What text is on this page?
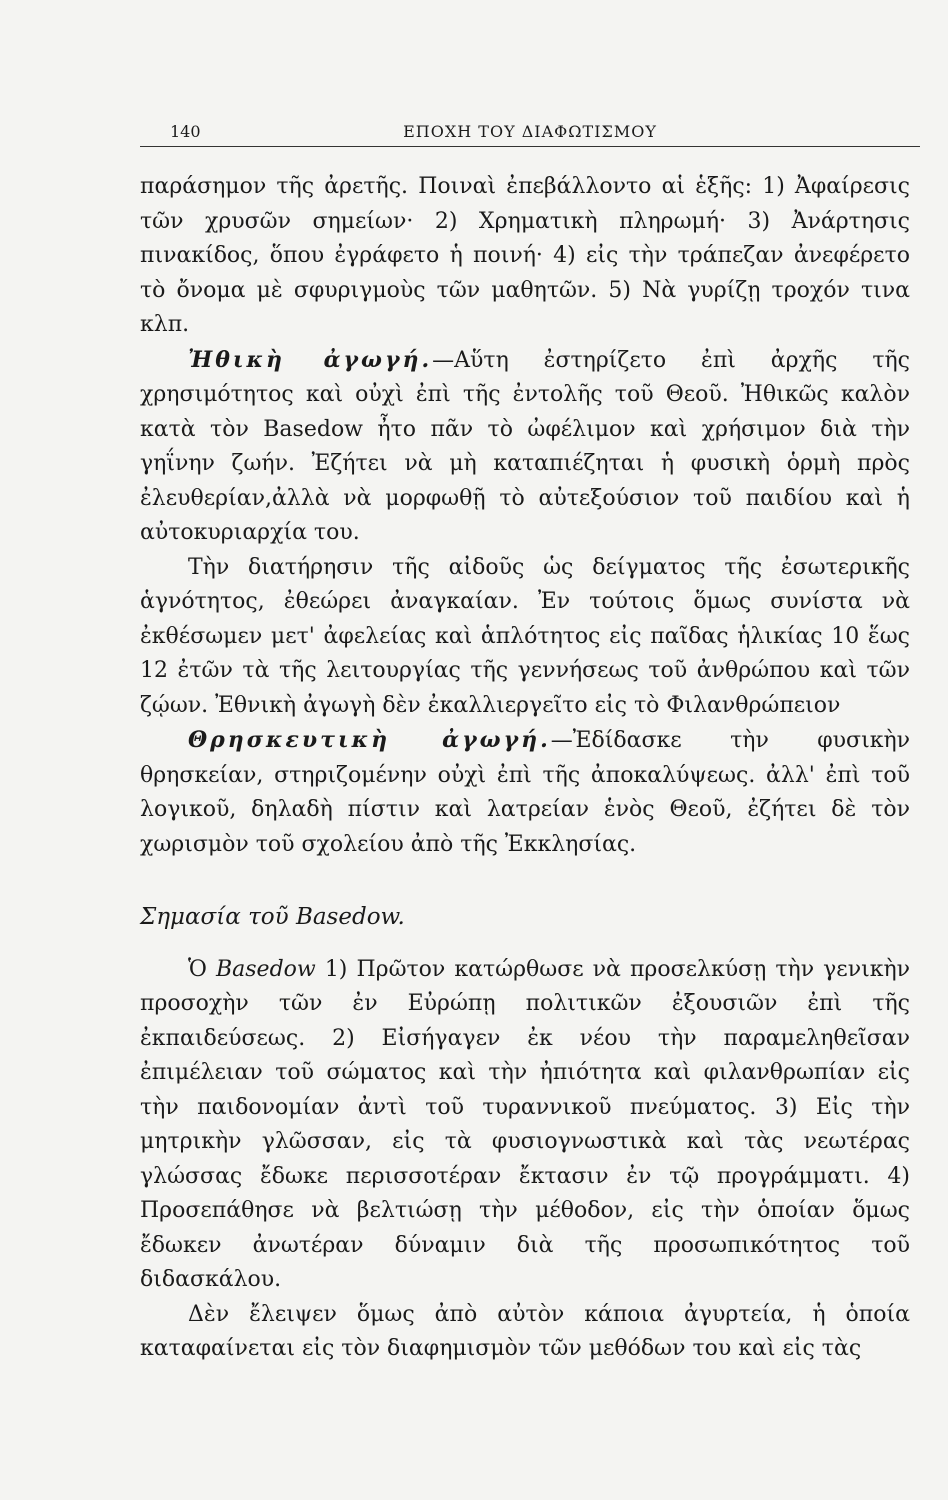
140	ΕΠΟΧΗ ΤΟΥ ΔΙΑΦΩΤΙΣΜΟΥ

παράσημον τῆς ἀρετῆς. Ποιναὶ ἐπεβάλλοντο αἱ ἑξῆς: 1) Ἀφαίρεσις τῶν χρυσῶν σημείων· 2) Χρηματικὴ πληρωμή· 3) Ἀνάρτησις πινακίδος, ὅπου ἐγράφετο ἡ ποινή· 4) εἰς τὴν τράπεζαν ἀνεφέρετο τὸ ὄνομα μὲ σφυριγμοὺς τῶν μαθητῶν. 5) Νὰ γυρίζῃ τροχόν τινα κλπ.

Ἠθικὴ ἀγωγή.—Αὕτη ἐστηρίζετο ἐπὶ ἀρχῆς τῆς χρησιμότητος καὶ οὐχὶ ἐπὶ τῆς ἐντολῆς τοῦ Θεοῦ. Ἠθικῶς καλὸν κατὰ τὸν Basedow ἦτο πᾶν τὸ ὠφέλιμον καὶ χρήσιμον διὰ τὴν γηΐνην ζωήν. Ἐζήτει νὰ μὴ καταπιέζηται ἡ φυσικὴ ὁρμὴ πρὸς ἐλευθερίαν,ἀλλὰ νὰ μορφωθῇ τὸ αὐτεξούσιον τοῦ παιδίου καὶ ἡ αὐτοκυριαρχία του.

Τὴν διατήρησιν τῆς αἰδοῦς ὡς δείγματος τῆς ἐσωτερικῆς ἁγνότητος, ἐθεώρει ἀναγκαίαν. Ἐν τούτοις ὅμως συνίστα νὰ ἐκθέσωμεν μετ' ἀφελείας καὶ ἁπλότητος εἰς παῖδας ἡλικίας 10 ἕως 12 ἐτῶν τὰ τῆς λειτουργίας τῆς γεννήσεως τοῦ ἀνθρώπου καὶ τῶν ζῴων. Ἐθνικὴ ἀγωγὴ δὲν ἐκαλλιεργεῖτο εἰς τὸ Φιλανθρώπειον

Θρησκευτικὴ ἀγωγή.—Ἐδίδασκε τὴν φυσικὴν θρησκείαν, στηριζομένην οὐχὶ ἐπὶ τῆς ἀποκαλύψεως. ἀλλ' ἐπὶ τοῦ λογικοῦ, δηλαδὴ πίστιν καὶ λατρείαν ἑνὸς Θεοῦ, ἐζήτει δὲ τὸν χωρισμὸν τοῦ σχολείου ἀπὸ τῆς Ἐκκλησίας.

Σημασία τοῦ Basedow.

Ὁ Basedow 1) Πρῶτον κατώρθωσε νὰ προσελκύσῃ τὴν γενικὴν προσοχὴν τῶν ἐν Εὐρώπῃ πολιτικῶν ἐξουσιῶν ἐπὶ τῆς ἐκπαιδεύσεως. 2) Εἰσήγαγεν ἐκ νέου τὴν παραμεληθεῖσαν ἐπιμέλειαν τοῦ σώματος καὶ τὴν ἠπιότητα καὶ φιλανθρωπίαν εἰς τὴν παιδονομίαν ἀντὶ τοῦ τυραννικοῦ πνεύματος. 3) Εἰς τὴν μητρικὴν γλῶσσαν, εἰς τὰ φυσιογνωστικὰ καὶ τὰς νεωτέρας γλώσσας ἔδωκε περισσοτέραν ἔκτασιν ἐν τῷ προγράμματι. 4) Προσεπάθησε νὰ βελτιώσῃ τὴν μέθοδον, εἰς τὴν ὁποίαν ὅμως ἔδωκεν ἀνωτέραν δύναμιν διὰ τῆς προσωπικότητος τοῦ διδασκάλου.

Δὲν ἔλειψεν ὅμως ἀπὸ αὐτὸν κάποια ἀγυρτεία, ἡ ὁποία καταφαίνεται εἰς τὸν διαφημισμὸν τῶν μεθόδων του καὶ εἰς τὰς
